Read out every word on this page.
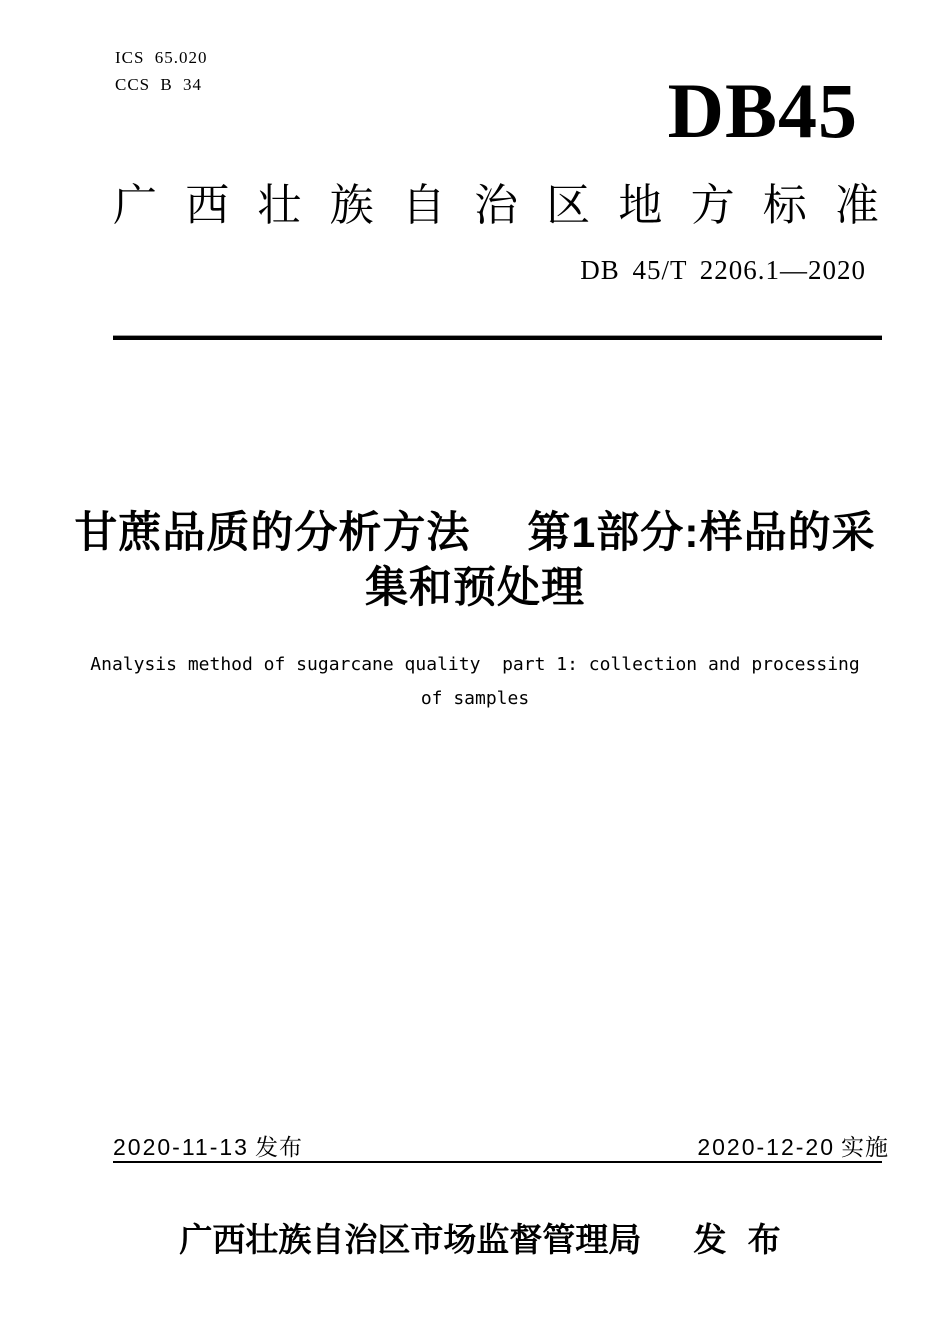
ICS 65.020
CCS B 34	DB45
广 西 壮 族 自 治 区 地 方 标 准
DB 45/T 2206.1—2020
甘蔗品质的分析方法　 第1部分:样品的采
集和预处理
Analysis method of sugarcane quality  part 1: collection and processing
of samples
2020-11-13 发布	2020-12-20 实施
广西壮族自治区市场监督管理局 发 布
